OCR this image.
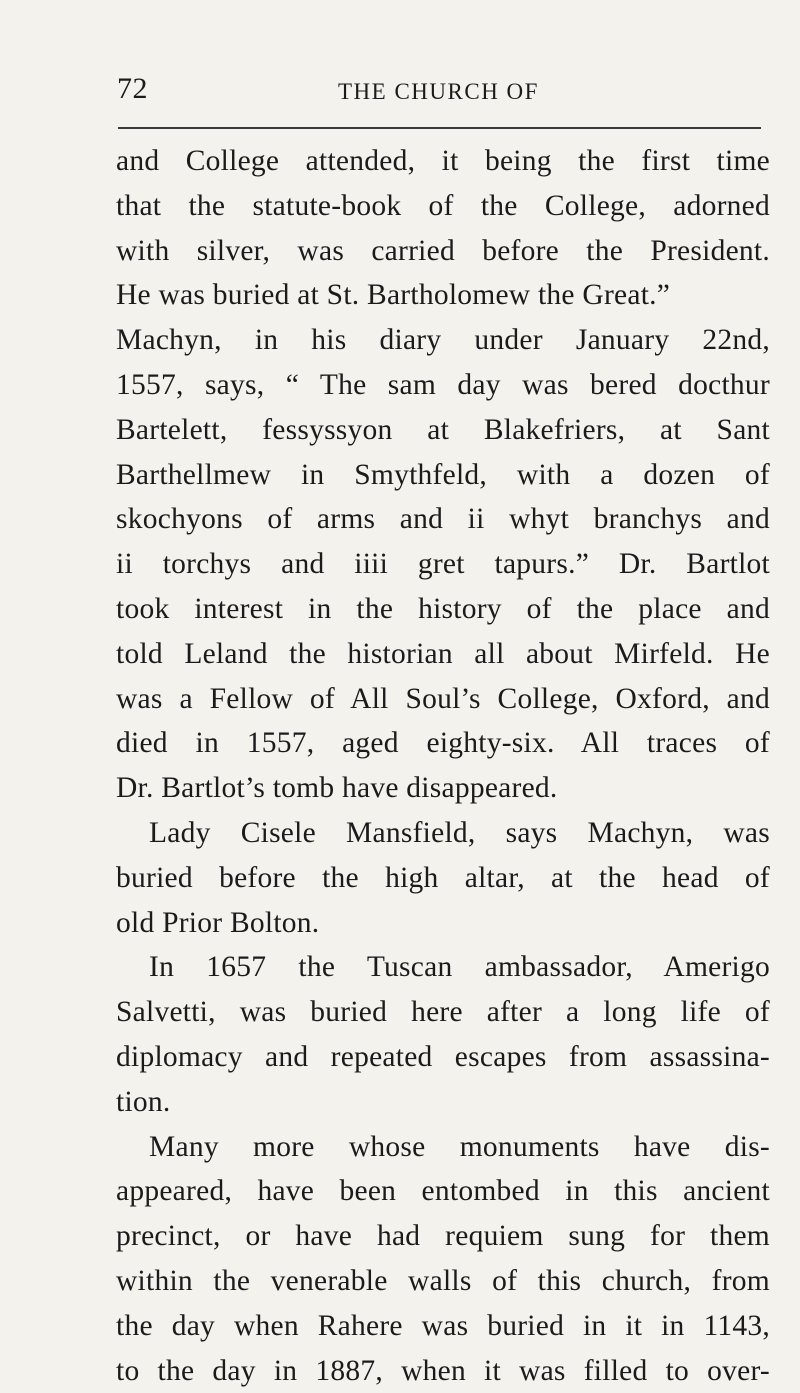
72	THE CHURCH OF
and College attended, it being the first time
that the statute-book of the College, adorned
with silver, was carried before the President.
He was buried at St. Bartholomew the Great.”
Machyn, in his diary under January 22nd,
1557, says, “ The sam day was bered docthur
Bartelett, fessyssyon at Blakefriers, at Sant
Barthellmew in Smythfeld, with a dozen of
skochyons of arms and ii whyt branchys and
ii torchys and iiii gret tapurs.” Dr. Bartlot
took interest in the history of the place and
told Leland the historian all about Mirfeld. He
was a Fellow of All Soul’s College, Oxford, and
died in 1557, aged eighty-six. All traces of
Dr. Bartlot’s tomb have disappeared.
Lady Cisele Mansfield, says Machyn, was
buried before the high altar, at the head of
old Prior Bolton.
In 1657 the Tuscan ambassador, Amerigo
Salvetti, was buried here after a long life of
diplomacy and repeated escapes from assassina-
tion.
Many more whose monuments have dis-
appeared, have been entombed in this ancient
precinct, or have had requiem sung for them
within the venerable walls of this church, from
the day when Rahere was buried in it in 1143,
to the day in 1887, when it was filled to over-
